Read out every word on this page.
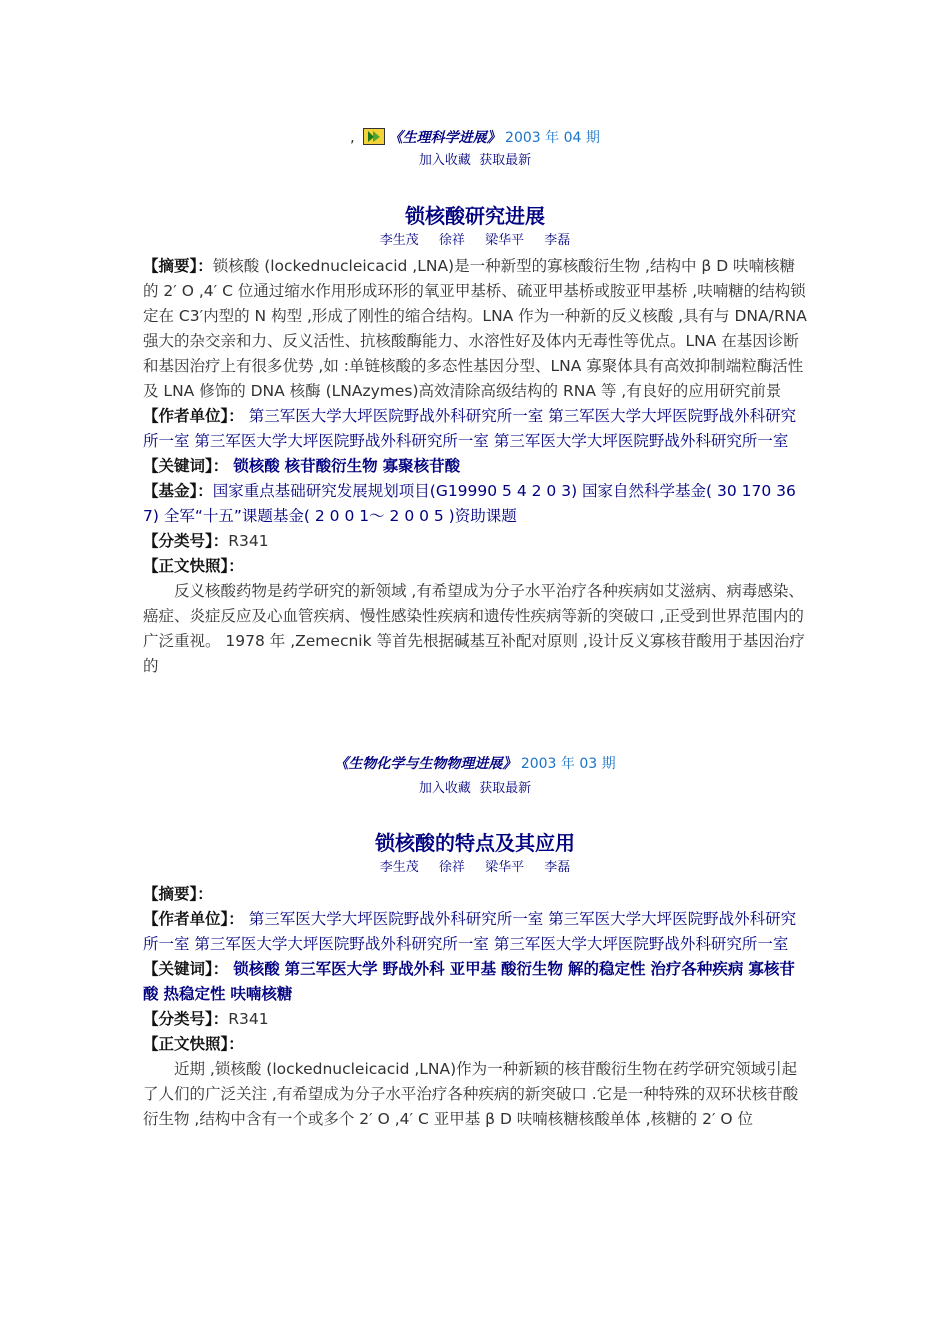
, 《生理科学进展》 2003 年 04 期
加入收藏 获取最新
锁核酸研究进展
李生茂 徐祥 梁华平 李磊

【摘要】：锁核酸 (lockednucleicacid ,LNA)是一种新型的寡核酸衍生物 ,结构中 β D 呋喃核糖的 2′ O ,4′ C 位通过缩水作用形成环形的氧亚甲基桥、硫亚甲基桥或胺亚甲基桥 ,呋喃糖的结构锁定在 C3′内型的 N 构型 ,形成了刚性的缩合结构。LNA 作为一种新的反义核酸 ,具有与 DNA/RNA 强大的杂交亲和力、反义活性、抗核酸酶能力、水溶性好及体内无毒性等优点。LNA 在基因诊断和基因治疗上有很多优势 ,如 :单链核酸的多态性基因分型、LNA 寡聚体具有高效抑制端粒酶活性及 LNA 修饰的 DNA 核酶 (LNAzymes)高效清除高级结构的 RNA 等 ,有良好的应用研究前景

【作者单位】： 第三军医大学大坪医院野战外科研究所一室 第三军医大学大坪医院野战外科研究所一室 第三军医大学大坪医院野战外科研究所一室 第三军医大学大坪医院野战外科研究所一室

【关键词】： 锁核酸 核苷酸衍生物 寡聚核苷酸

【基金】：国家重点基础研究发展规划项目(G19990 5 4 2 0 3) 国家自然科学基金( 30 170 36 7) 全军“十五”课题基金( 2 0 0 1～ 2 0 0 5 )资助课题

【分类号】：R341

【正文快照】：

反义核酸药物是药学研究的新领域 ,有希望成为分子水平治疗各种疾病如艾滋病、病毒感染、癌症、炎症反应及心血管疾病、慢性感染性疾病和遗传性疾病等新的突破口 ,正受到世界范围内的广泛重视。 1978 年 ,Zemecnik 等首先根据碱基互补配对原则 ,设计反义寡核苷酸用于基因治疗的

《生物化学与生物物理进展》 2003 年 03 期
加入收藏 获取最新
锁核酸的特点及其应用
李生茂 徐祥 梁华平 李磊

【摘要】：

【作者单位】： 第三军医大学大坪医院野战外科研究所一室 第三军医大学大坪医院野战外科研究所一室 第三军医大学大坪医院野战外科研究所一室 第三军医大学大坪医院野战外科研究所一室

【关键词】： 锁核酸 第三军医大学 野战外科 亚甲基 酸衍生物 解的稳定性 治疗各种疾病 寡核苷酸 热稳定性 呋喃核糖

【分类号】：R341

【正文快照】：

近期 ,锁核酸 (lockednucleicacid ,LNA)作为一种新颖的核苷酸衍生物在药学研究领域引起了人们的广泛关注 ,有希望成为分子水平治疗各种疾病的新突破口 .它是一种特殊的双环状核苷酸衍生物 ,结构中含有一个或多个 2′ O ,4′ C 亚甲基 β D 呋喃核糖核酸单体 ,核糖的 2′ O 位
